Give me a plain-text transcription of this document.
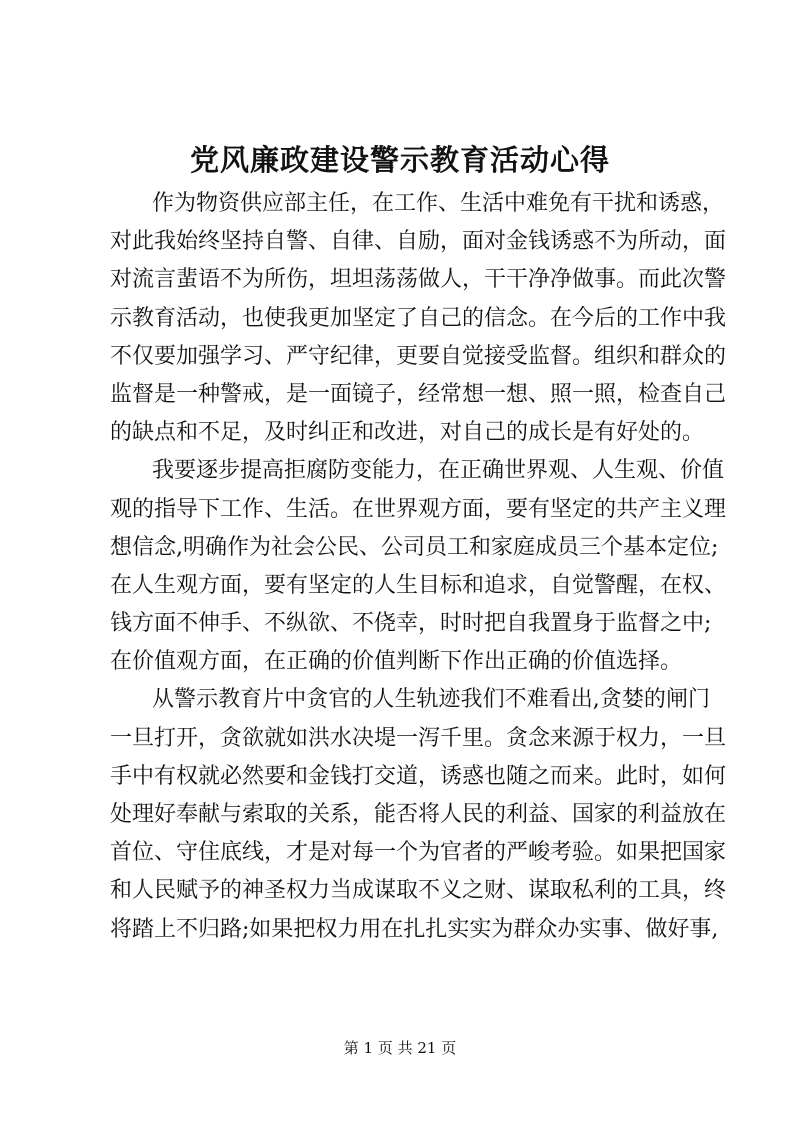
党风廉政建设警示教育活动心得
作为物资供应部主任，在工作、生活中难免有干扰和诱惑，
对此我始终坚持自警、自律、自励，面对金钱诱惑不为所动，面
对流言蜚语不为所伤，坦坦荡荡做人，干干净净做事。而此次警
示教育活动，也使我更加坚定了自己的信念。在今后的工作中我
不仅要加强学习、严守纪律，更要自觉接受监督。组织和群众的
监督是一种警戒，是一面镜子，经常想一想、照一照，检查自己
的缺点和不足，及时纠正和改进，对自己的成长是有好处的。
我要逐步提高拒腐防变能力，在正确世界观、人生观、价值
观的指导下工作、生活。在世界观方面，要有坚定的共产主义理
想信念,明确作为社会公民、公司员工和家庭成员三个基本定位;
在人生观方面，要有坚定的人生目标和追求，自觉警醒，在权、
钱方面不伸手、不纵欲、不侥幸，时时把自我置身于监督之中;
在价值观方面，在正确的价值判断下作出正确的价值选择。
从警示教育片中贪官的人生轨迹我们不难看出,贪婪的闸门
一旦打开，贪欲就如洪水决堤一泻千里。贪念来源于权力，一旦
手中有权就必然要和金钱打交道，诱惑也随之而来。此时，如何
处理好奉献与索取的关系，能否将人民的利益、国家的利益放在
首位、守住底线，才是对每一个为官者的严峻考验。如果把国家
和人民赋予的神圣权力当成谋取不义之财、谋取私利的工具，终
将踏上不归路;如果把权力用在扎扎实实为群众办实事、做好事,
第 1 页 共 21 页
